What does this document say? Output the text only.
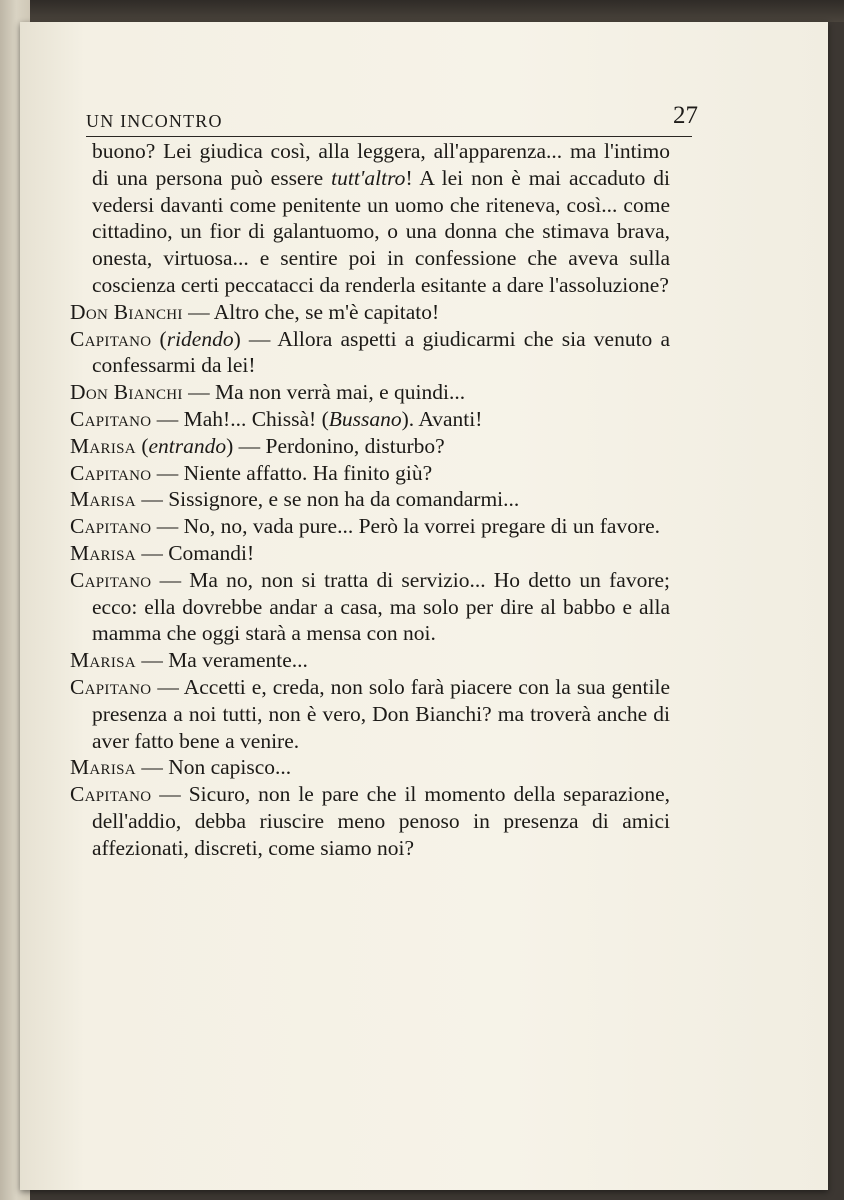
UN INCONTRO	27

buono? Lei giudica così, alla leggera, all'apparenza... ma l'intimo di una persona può essere tutt'altro! A lei non è mai accaduto di vedersi davanti come penitente un uomo che riteneva, così... come cittadino, un fior di galantuomo, o una donna che stimava brava, onesta, virtuosa... e sentire poi in confessione che aveva sulla coscienza certi peccatacci da renderla esitante a dare l'assoluzione?

Don Bianchi — Altro che, se m'è capitato!

Capitano (ridendo) — Allora aspetti a giudicarmi che sia venuto a confessarmi da lei!

Don Bianchi — Ma non verrà mai, e quindi...

Capitano — Mah!... Chissà! (Bussano). Avanti!

Marisa (entrando) — Perdonino, disturbo?

Capitano — Niente affatto. Ha finito giù?

Marisa — Sissignore, e se non ha da comandarmi...

Capitano — No, no, vada pure... Però la vorrei pregare di un favore.

Marisa — Comandi!

Capitano — Ma no, non si tratta di servizio... Ho detto un favore; ecco: ella dovrebbe andar a casa, ma solo per dire al babbo e alla mamma che oggi starà a mensa con noi.

Marisa — Ma veramente...

Capitano — Accetti e, creda, non solo farà piacere con la sua gentile presenza a noi tutti, non è vero, Don Bianchi? ma troverà anche di aver fatto bene a venire.

Marisa — Non capisco...

Capitano — Sicuro, non le pare che il momento della separazione, dell'addio, debba riuscire meno penoso in presenza di amici affezionati, discreti, come siamo noi?
